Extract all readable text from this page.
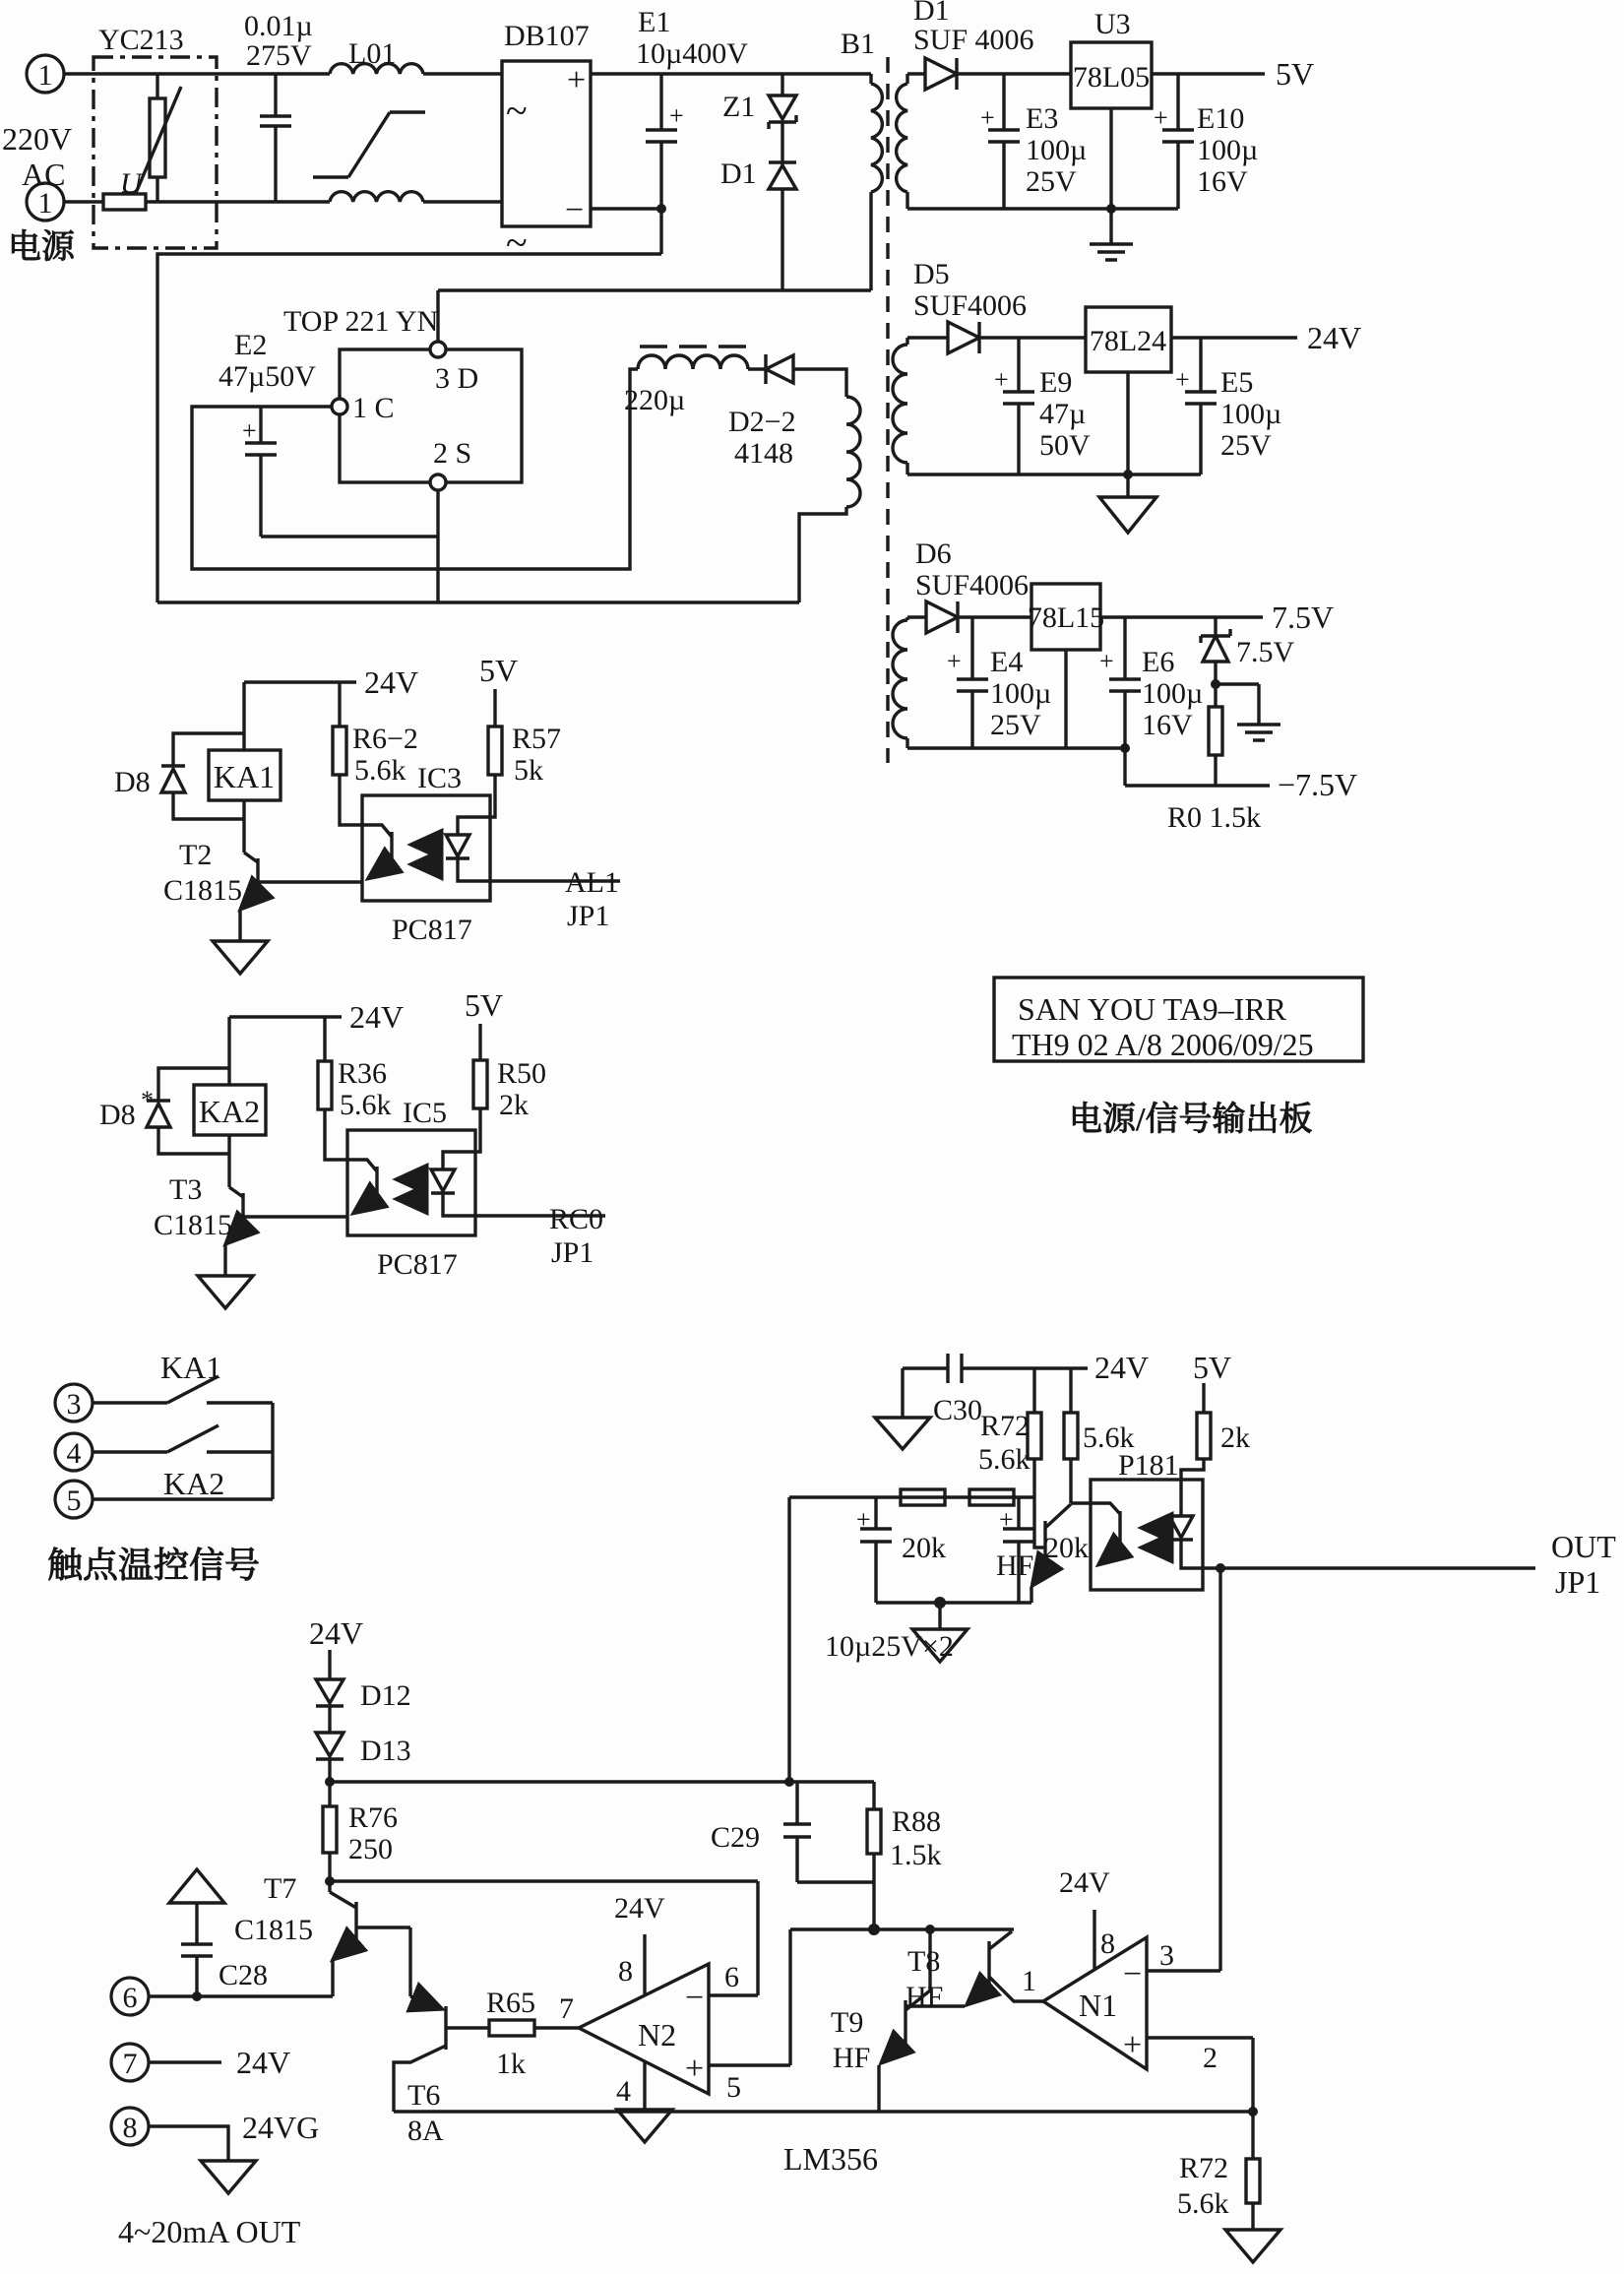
1
1
3
4
5
6
7
8
220V
AC
电源
YC213
U
0.01µ
275V L01
DB107 E1
10µ400V
+
−
~
~
+ Z1
D1
B1
D1
SUF 4006 U3
78L05	5V
+ E3
100µ
25V
+ E10
100µ
16V
D5
SUF4006
78L24	24V
+ E9
47µ
50V
+ E5
100µ
25V
D6
SUF4006
78L15	7.5V
7.5V
+ E4
100µ
25V
+ E6
100µ
16V
−7.5V
R0 1.5k
TOP 221 YN
E2
47µ50V	3 D
1 C
2 S
+
220µ
D2−2
4148
24V 5V
D8 KA1
T2
C1815
R6−2
5.6k IC3
R57
5k
PC817
AL1
JP1
24V 5V
D8 * KA2
T3
C1815
R36
5.6k IC5
R50
2k
PC817
RC0
JP1
SAN YOU TA9–IRR
TH9 02 A/8 2006/09/25
电源/信号输出板
KA1
KA2
触点温控信号
C30
24V
R72
5.6k
5.6k
P181
5V
2k
HF
20k	20k
+	+
10µ25V×2
OUT
JP1
24V
D12
D13
R76
250
T7
C1815
C28
24V
24VG
4~20mA OUT
T6
8A
R65
1k
24V
N2
8
7
6
5
4
−
+
C29	R88
1.5k
T9
HF
T8
HF
LM356
24V
8
N1
1
3
2
−
+
R72
5.6k
